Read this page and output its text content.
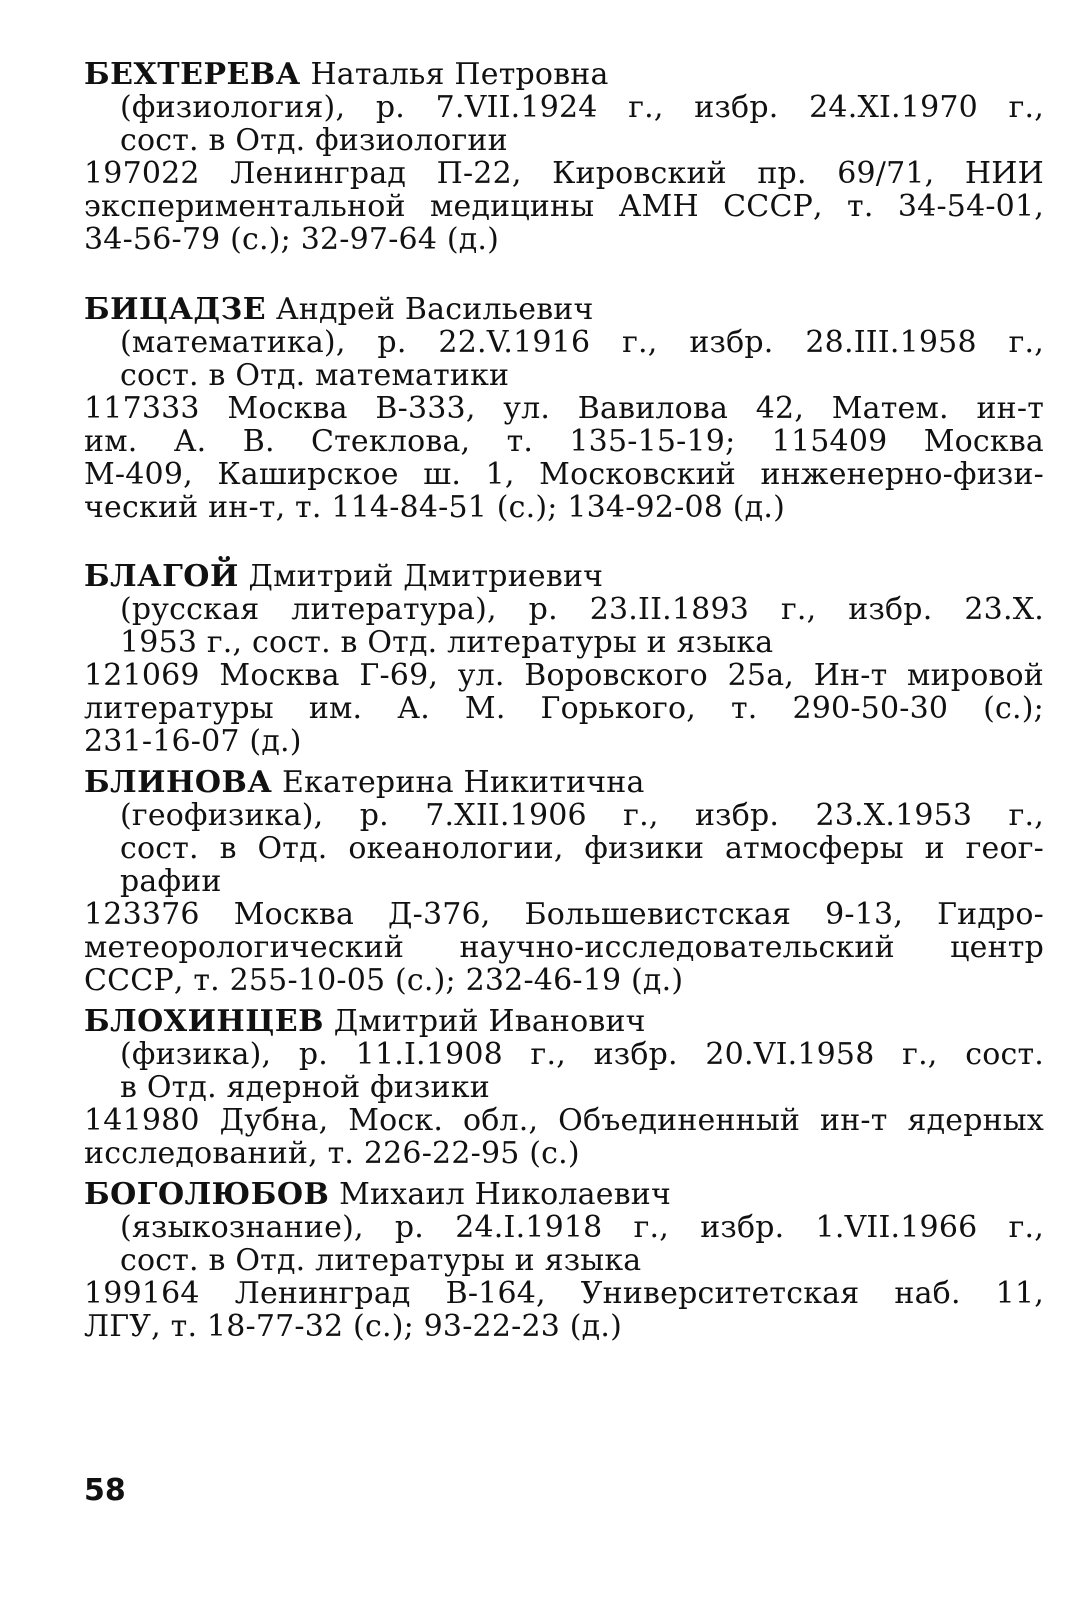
БЕХТЕРЕВА Наталья Петровна
(физиология), р. 7.VII.1924 г., избр. 24.XI.1970 г.,
сост. в Отд. физиологии
197022 Ленинград П-22, Кировский пр. 69/71, НИИ
экспериментальной медицины АМН СССР, т. 34-54-01,
34-56-79 (с.); 32-97-64 (д.)
БИЦАДЗЕ Андрей Васильевич
(математика), р. 22.V.1916 г., избр. 28.III.1958 г.,
сост. в Отд. математики
117333 Москва В-333, ул. Вавилова 42, Матем. ин-т
им. А. В. Стеклова, т. 135-15-19; 115409 Москва
М-409, Каширское ш. 1, Московский инженерно-физи-
ческий ин-т, т. 114-84-51 (с.); 134-92-08 (д.)
БЛАГОЙ Дмитрий Дмитриевич
(русская литература), р. 23.II.1893 г., избр. 23.X.
1953 г., сост. в Отд. литературы и языка
121069 Москва Г-69, ул. Воровского 25а, Ин-т мировой
литературы им. А. М. Горького, т. 290-50-30 (с.);
231-16-07 (д.)
БЛИНОВА Екатерина Никитична
(геофизика), р. 7.XII.1906 г., избр. 23.X.1953 г.,
сост. в Отд. океанологии, физики атмосферы и геог-
рафии
123376 Москва Д-376, Большевистская 9-13, Гидро-
метеорологический научно-исследовательский центр
СССР, т. 255-10-05 (с.); 232-46-19 (д.)
БЛОХИНЦЕВ Дмитрий Иванович
(физика), р. 11.I.1908 г., избр. 20.VI.1958 г., сост.
в Отд. ядерной физики
141980 Дубна, Моск. обл., Объединенный ин-т ядерных
исследований, т. 226-22-95 (с.)
БОГОЛЮБОВ Михаил Николаевич
(языкознание), р. 24.I.1918 г., избр. 1.VII.1966 г.,
сост. в Отд. литературы и языка
199164 Ленинград В-164, Университетская наб. 11,
ЛГУ, т. 18-77-32 (с.); 93-22-23 (д.)
58
